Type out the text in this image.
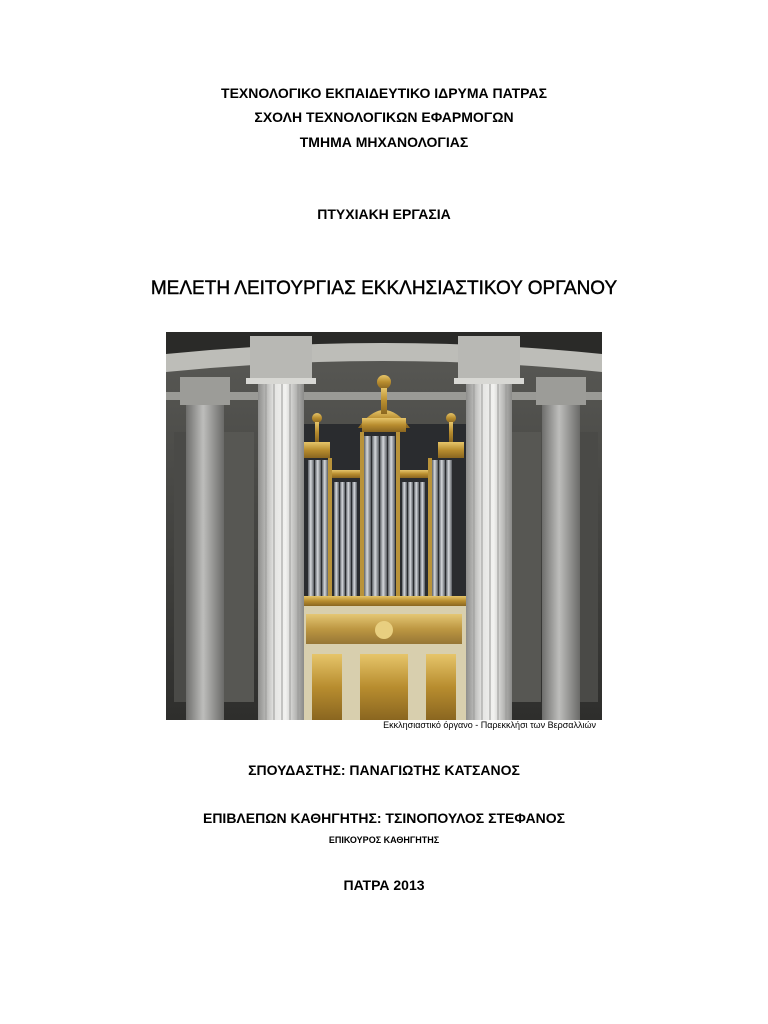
ΤΕΧΝΟΛΟΓΙΚΟ ΕΚΠΑΙΔΕΥΤΙΚΟ ΙΔΡΥΜΑ ΠΑΤΡΑΣ
ΣΧΟΛΗ ΤΕΧΝΟΛΟΓΙΚΩΝ ΕΦΑΡΜΟΓΩΝ
ΤΜΗΜΑ ΜΗΧΑΝΟΛΟΓΙΑΣ
ΠΤΥΧΙΑΚΗ ΕΡΓΑΣΙΑ
ΜΕΛΕΤΗ ΛΕΙΤΟΥΡΓΙΑΣ ΕΚΚΛΗΣΙΑΣΤΙΚΟΥ ΟΡΓΑΝΟΥ
Εκκλησιαστικό όργανο - Παρεκκλήσι των Βερσαλλιών
ΣΠΟΥΔΑΣΤΗΣ: ΠΑΝΑΓΙΩΤΗΣ ΚΑΤΣΑΝΟΣ
ΕΠΙΒΛΕΠΩΝ ΚΑΘΗΓΗΤΗΣ: ΤΣΙΝΟΠΟΥΛΟΣ ΣΤΕΦΑΝΟΣ
ΕΠΙΚΟΥΡΟΣ ΚΑΘΗΓΗΤΗΣ
ΠΑΤΡΑ 2013
